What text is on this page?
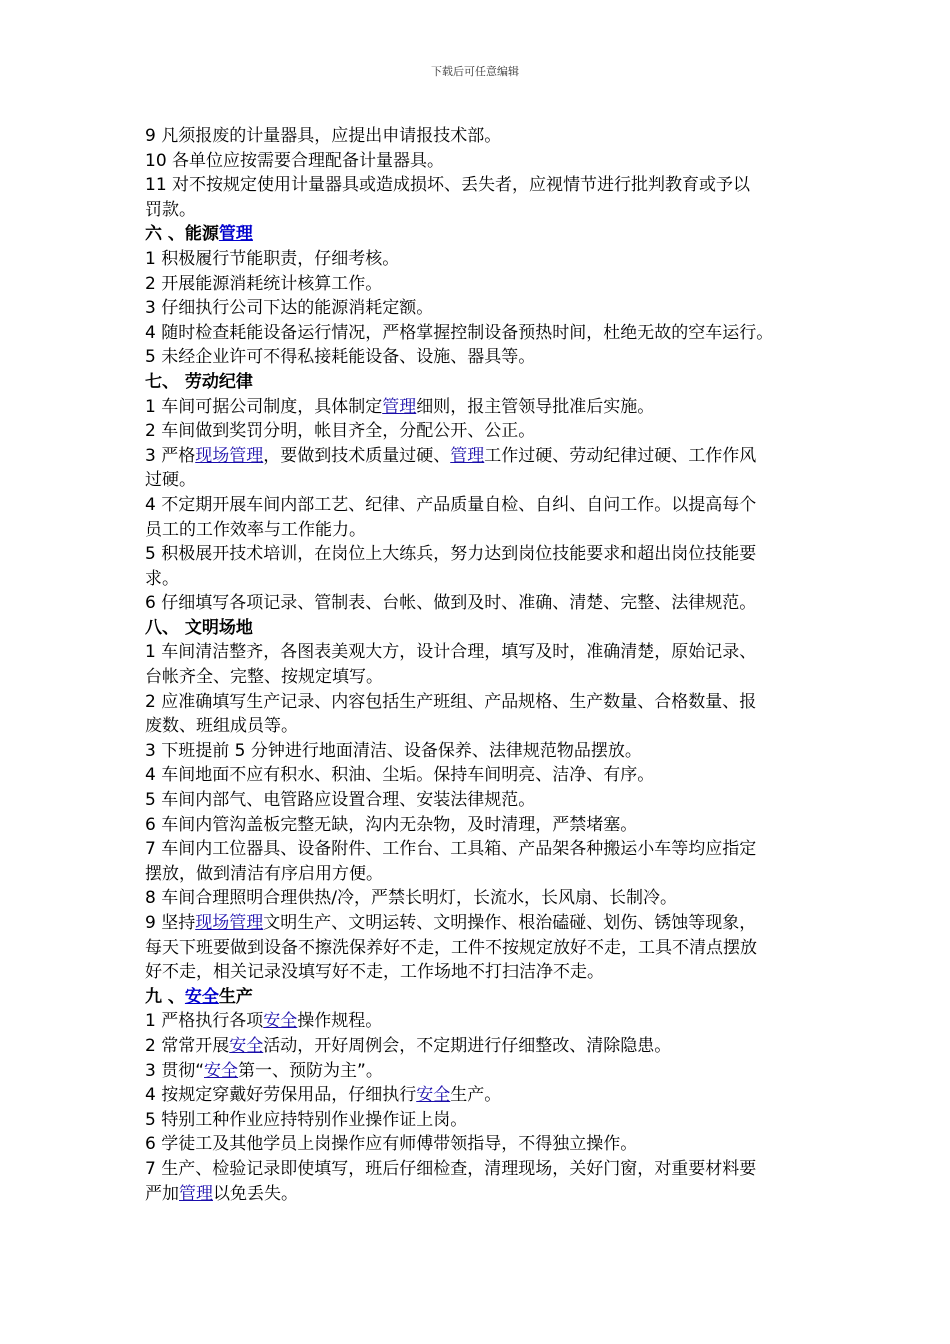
下载后可任意编辑
9 凡须报废的计量器具，应提出申请报技术部。
10 各单位应按需要合理配备计量器具。
11 对不按规定使用计量器具或造成损坏、丢失者，应视情节进行批判教育或予以
罚款。
六 、能源管理
1 积极履行节能职责，仔细考核。
2 开展能源消耗统计核算工作。
3 仔细执行公司下达的能源消耗定额。
4 随时检查耗能设备运行情况，严格掌握控制设备预热时间，杜绝无故的空车运行。
5 未经企业许可不得私接耗能设备、设施、器具等。
七、 劳动纪律
1 车间可据公司制度，具体制定管理细则，报主管领导批准后实施。
2 车间做到奖罚分明，帐目齐全，分配公开、公正。
3 严格现场管理，要做到技术质量过硬、管理工作过硬、劳动纪律过硬、工作作风
过硬。
4 不定期开展车间内部工艺、纪律、产品质量自检、自纠、自问工作。以提高每个
员工的工作效率与工作能力。
5 积极展开技术培训，在岗位上大练兵，努力达到岗位技能要求和超出岗位技能要
求。
6 仔细填写各项记录、管制表、台帐、做到及时、准确、清楚、完整、法律规范。
八、 文明场地
1 车间清洁整齐，各图表美观大方，设计合理，填写及时，准确清楚，原始记录、
台帐齐全、完整、按规定填写。
2 应准确填写生产记录、内容包括生产班组、产品规格、生产数量、合格数量、报
废数、班组成员等。
3 下班提前 5 分钟进行地面清洁、设备保养、法律规范物品摆放。
4 车间地面不应有积水、积油、尘垢。保持车间明亮、洁净、有序。
5 车间内部气、电管路应设置合理、安装法律规范。
6 车间内管沟盖板完整无缺，沟内无杂物，及时清理，严禁堵塞。
7 车间内工位器具、设备附件、工作台、工具箱、产品架各种搬运小车等均应指定
摆放，做到清洁有序启用方便。
8 车间合理照明合理供热/冷，严禁长明灯，长流水，长风扇、长制冷。
9 坚持现场管理文明生产、文明运转、文明操作、根治磕碰、划伤、锈蚀等现象，
每天下班要做到设备不擦洗保养好不走，工件不按规定放好不走，工具不清点摆放
好不走，相关记录没填写好不走，工作场地不打扫洁净不走。
九 、安全生产
1 严格执行各项安全操作规程。
2 常常开展安全活动，开好周例会，不定期进行仔细整改、清除隐患。
3 贯彻“安全第一、预防为主”。
4 按规定穿戴好劳保用品，仔细执行安全生产。
5 特别工种作业应持特别作业操作证上岗。
6 学徒工及其他学员上岗操作应有师傅带领指导，不得独立操作。
7 生产、检验记录即使填写，班后仔细检查，清理现场，关好门窗，对重要材料要
严加管理以免丢失。
